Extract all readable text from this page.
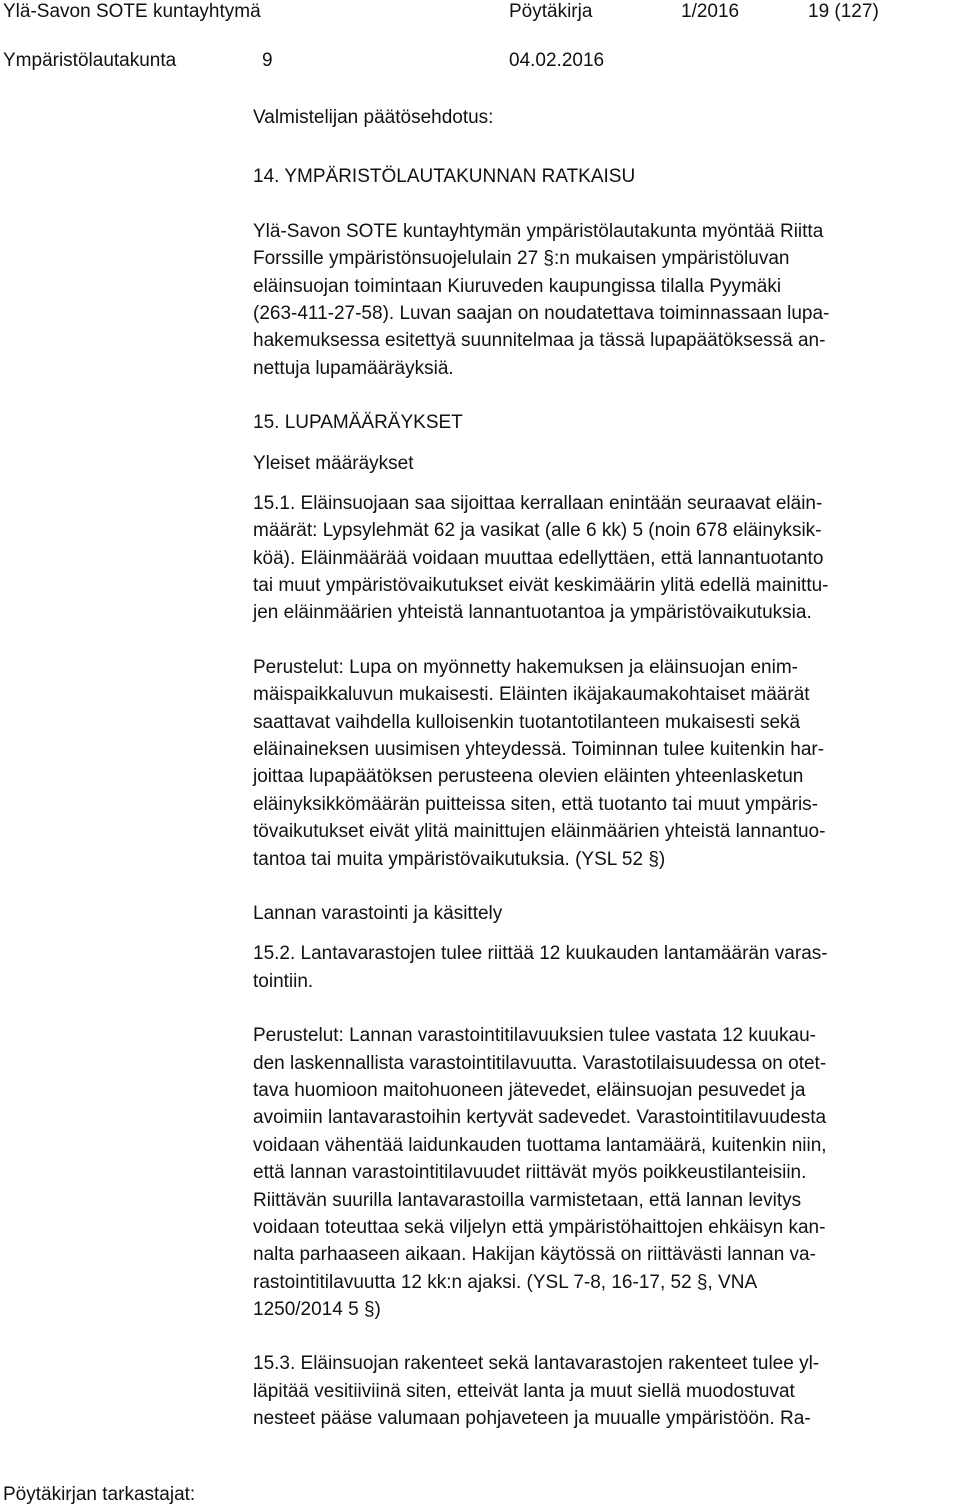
Ylä-Savon SOTE kuntayhtymä	Pöytäkirja	1/2016	19 (127)
Ympäristölautakunta	9	04.02.2016
Valmistelijan päätösehdotus:
14. YMPÄRISTÖLAUTAKUNNAN RATKAISU
Ylä-Savon SOTE kuntayhtymän ympäristölautakunta myöntää Riitta
Forssille ympäristönsuojelulain 27 §:n mukaisen ympäristöluvan
eläinsuojan toimintaan Kiuruveden kaupungissa tilalla Pyymäki
(263-411-27-58). Luvan saajan on noudatettava toiminnassaan lupa-
hakemuksessa esitettyä suunnitelmaa ja tässä lupapäätöksessä an-
nettuja lupamääräyksiä.
15. LUPAMÄÄRÄYKSET
Yleiset määräykset
15.1. Eläinsuojaan saa sijoittaa kerrallaan enintään seuraavat eläin-
määrät: Lypsylehmät 62 ja vasikat (alle 6 kk) 5 (noin 678 eläinyksik-
köä). Eläinmäärää voidaan muuttaa edellyttäen, että lannantuotanto
tai muut ympäristövaikutukset eivät keskimäärin ylitä edellä mainittu-
jen eläinmäärien yhteistä lannantuotantoa ja ympäristövaikutuksia.
Perustelut: Lupa on myönnetty hakemuksen ja eläinsuojan enim-
mäispaikkaluvun mukaisesti. Eläinten ikäjakaumakohtaiset määrät
saattavat vaihdella kulloisenkin tuotantotilanteen mukaisesti sekä
eläinaineksen uusimisen yhteydessä. Toiminnan tulee kuitenkin har-
joittaa lupapäätöksen perusteena olevien eläinten yhteenlasketun
eläinyksikkömäärän puitteissa siten, että tuotanto tai muut ympäris-
tövaikutukset eivät ylitä mainittujen eläinmäärien yhteistä lannantuo-
tantoa tai muita ympäristövaikutuksia. (YSL 52 §)
Lannan varastointi ja käsittely
15.2. Lantavarastojen tulee riittää 12 kuukauden lantamäärän varas-
tointiin.
Perustelut: Lannan varastointitilavuuksien tulee vastata 12 kuukau-
den laskennallista varastointitilavuutta. Varastotilaisuudessa on otet-
tava huomioon maitohuoneen jätevedet, eläinsuojan pesuvedet ja
avoimiin lantavarastoihin kertyvät sadevedet. Varastointitilavuudesta
voidaan vähentää laidunkauden tuottama lantamäärä, kuitenkin niin,
että lannan varastointitilavuudet riittävät myös poikkeustilanteisiin.
Riittävän suurilla lantavarastoilla varmistetaan, että lannan levitys
voidaan toteuttaa sekä viljelyn että ympäristöhaittojen ehkäisyn kan-
nalta parhaaseen aikaan. Hakijan käytössä on riittävästi lannan va-
rastointitilavuutta 12 kk:n ajaksi. (YSL 7-8, 16-17, 52 §, VNA
1250/2014 5 §)
15.3. Eläinsuojan rakenteet sekä lantavarastojen rakenteet tulee yl-
läpitää vesitiiviinä siten, etteivät lanta ja muut siellä muodostuvat
nesteet pääse valumaan pohjaveteen ja muualle ympäristöön. Ra-
Pöytäkirjan tarkastajat:
